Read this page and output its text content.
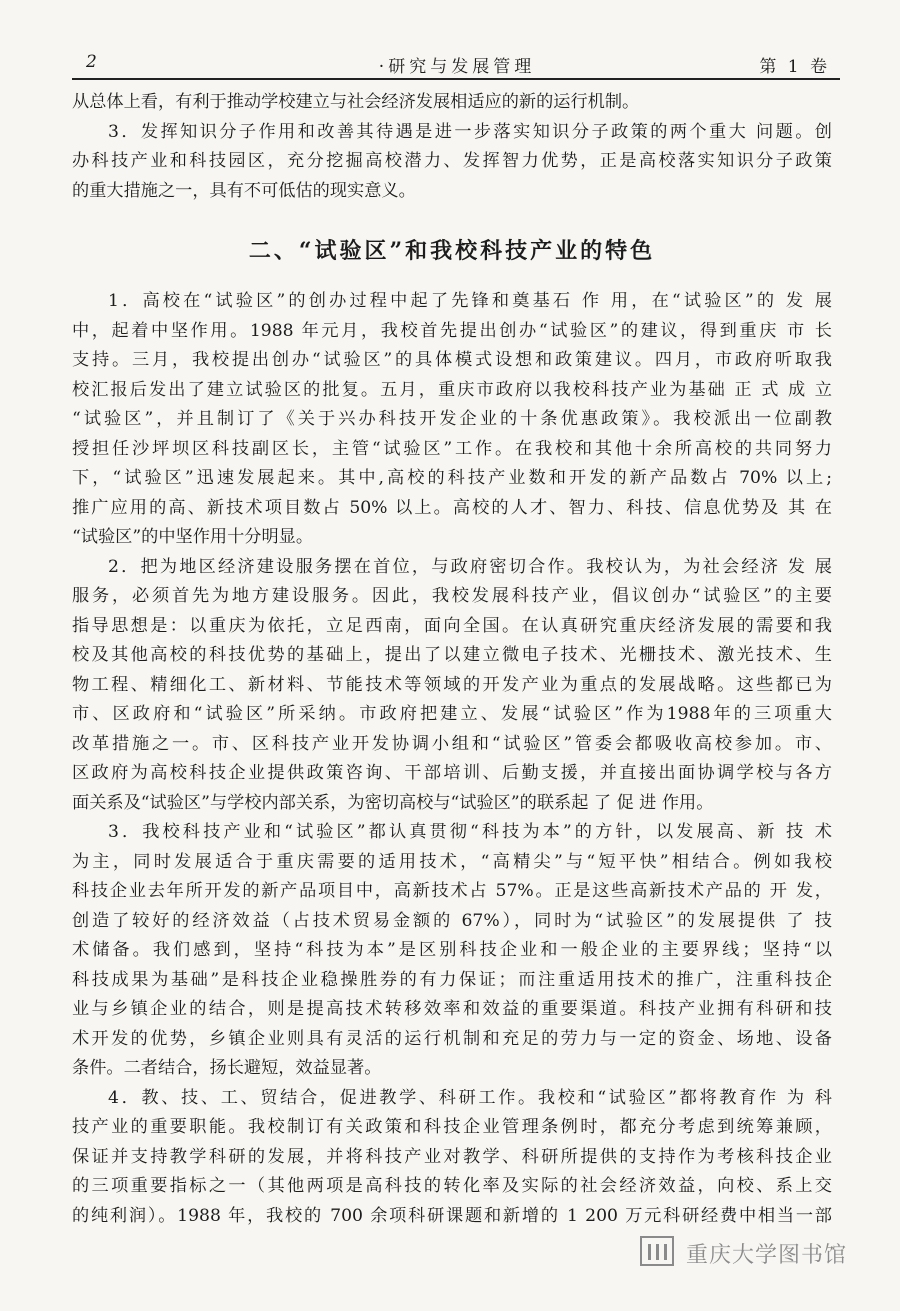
2	·研究与发展管理	第 1 卷

从总体上看，有利于推动学校建立与社会经济发展相适应的新的运行机制。

3．发挥知识分子作用和改善其待遇是进一步落实知识分子政策的两个重大 问题。创

办科技产业和科技园区，充分挖掘高校潜力、发挥智力优势，正是高校落实知识分子政策

的重大措施之一，具有不可低估的现实意义。

二、“试验区”和我校科技产业的特色

1．高校在“试验区”的创办过程中起了先锋和奠基石 作 用，在“试验区”的 发 展

中，起着中坚作用。1988 年元月，我校首先提出创办“试验区”的建议，得到重庆 市 长

支持。三月，我校提出创办“试验区”的具体模式设想和政策建议。四月，市政府听取我

校汇报后发出了建立试验区的批复。五月，重庆市政府以我校科技产业为基础 正 式 成 立

“试验区”，并且制订了《关于兴办科技开发企业的十条优惠政策》。我校派出一位副教

授担任沙坪坝区科技副区长，主管“试验区”工作。在我校和其他十余所高校的共同努力

下，“试验区”迅速发展起来。其中,高校的科技产业数和开发的新产品数占 70% 以上;

推广应用的高、新技术项目数占 50% 以上。高校的人才、智力、科技、信息优势及 其 在

“试验区”的中坚作用十分明显。

2．把为地区经济建设服务摆在首位，与政府密切合作。我校认为，为社会经济 发 展

服务，必须首先为地方建设服务。因此，我校发展科技产业，倡议创办“试验区”的主要

指导思想是：以重庆为依托，立足西南，面向全国。在认真研究重庆经济发展的需要和我

校及其他高校的科技优势的基础上，提出了以建立微电子技术、光栅技术、激光技术、生

物工程、精细化工、新材料、节能技术等领域的开发产业为重点的发展战略。这些都已为

市、区政府和“试验区”所采纳。市政府把建立、发展“试验区”作为1988年的三项重大

改革措施之一。市、区科技产业开发协调小组和“试验区”管委会都吸收高校参加。市、

区政府为高校科技企业提供政策咨询、干部培训、后勤支援，并直接出面协调学校与各方

面关系及“试验区”与学校内部关系，为密切高校与“试验区”的联系起 了 促 进 作用。

3．我校科技产业和“试验区”都认真贯彻“科技为本”的方针，以发展高、新 技 术

为主，同时发展适合于重庆需要的适用技术，“高精尖”与“短平快”相结合。例如我校

科技企业去年所开发的新产品项目中，高新技术占 57%。正是这些高新技术产品的 开 发，

创造了较好的经济效益（占技术贸易金额的 67%），同时为“试验区”的发展提供 了 技

术储备。我们感到，坚持“科技为本”是区别科技企业和一般企业的主要界线；坚持“以

科技成果为基础”是科技企业稳操胜券的有力保证；而注重适用技术的推广，注重科技企

业与乡镇企业的结合，则是提高技术转移效率和效益的重要渠道。科技产业拥有科研和技

术开发的优势，乡镇企业则具有灵活的运行机制和充足的劳力与一定的资金、场地、设备

条件。二者结合，扬长避短，效益显著。

4．教、技、工、贸结合，促进教学、科研工作。我校和“试验区”都将教育作 为 科

技产业的重要职能。我校制订有关政策和科技企业管理条例时，都充分考虑到统筹兼顾，

保证并支持教学科研的发展，并将科技产业对教学、科研所提供的支持作为考核科技企业

的三项重要指标之一（其他两项是高科技的转化率及实际的社会经济效益，向校、系上交

的纯利润）。1988 年，我校的 700 余项科研课题和新增的 1 200 万元科研经费中相当一部

重庆大学图书馆
